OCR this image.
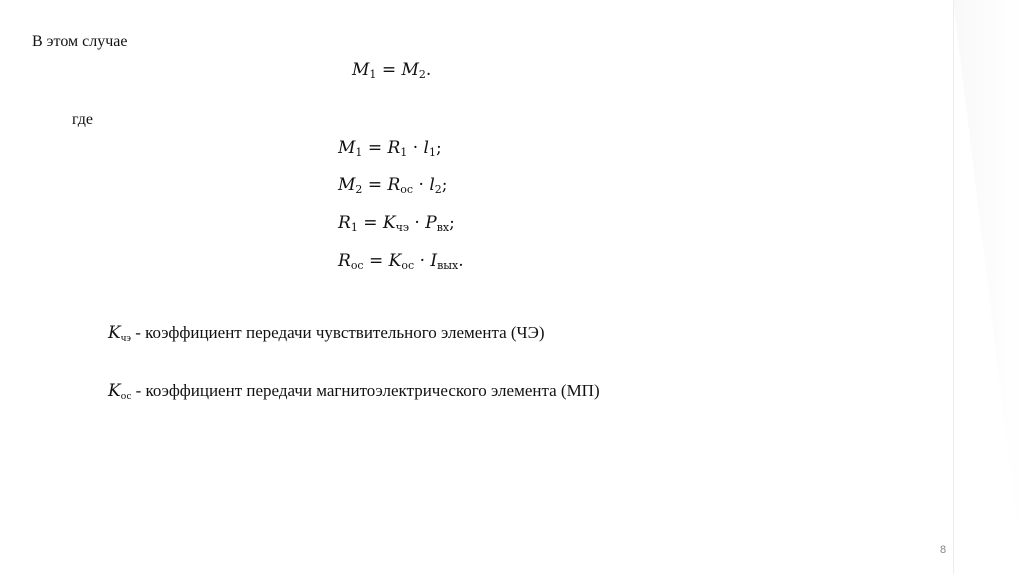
В этом случае
$M_1 = M_2$.
где
$M_1 = R_1 \cdot l_1$;
$M_2 = R_{ос} \cdot l_2$;
$R_1 = K_{чэ} \cdot P_{вх}$;
$R_{ос} = K_{ос} \cdot I_{вых}$.
$K_{чэ}$ - коэффициент передачи чувствительного элемента (ЧЭ)
$K_{ос}$ - коэффициент передачи магнитоэлектрического элемента (МП)
8
